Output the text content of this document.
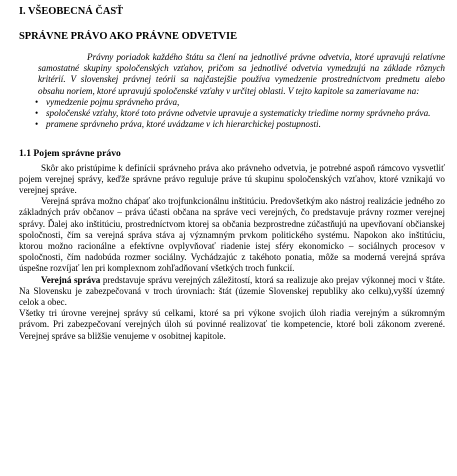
I. VŠEOBECNÁ ČASŤ
SPRÁVNE PRÁVO AKO PRÁVNE ODVETVIE

Právny poriadok každého štátu sa člení na jednotlivé právne odvetvia, ktoré upravujú relatívne samostatné skupiny spoločenských vzťahov, pričom sa jednotlivé odvetvia vymedzujú na základe rôznych kritérií. V slovenskej právnej teórii sa najčastejšie používa vymedzenie prostredníctvom predmetu alebo obsahu noriem, ktoré upravujú spoločenské vzťahy v určitej oblasti. V tejto kapitole sa zameriavame na:

• vymedzenie pojmu správneho práva,
• spoločenské vzťahy, ktoré toto právne odvetvie upravuje a systematicky triedime normy správneho práva.
• pramene správneho práva, ktoré uvádzame v ich hierarchickej postupnosti.
1.1 Pojem správne právo

Skôr ako pristúpime k definícii správneho práva ako právneho odvetvia, je potrebné aspoň rámcovo vysvetliť pojem verejnej správy, keďže správne právo reguluje práve tú skupinu spoločenských vzťahov, ktoré vznikajú vo verejnej správe.

Verejná správa možno chápať ako trojfunkcionálnu inštitúciu. Predovšetkým ako nástroj realizácie jedného zo základných práv občanov – práva účasti občana na správe veci verejných, čo predstavuje právny rozmer verejnej správy. Ďalej ako inštitúciu, prostredníctvom ktorej sa občania bezprostredne zúčastňujú na upevňovaní občianskej spoločnosti, čím sa verejná správa stáva aj významným prvkom politického systému. Napokon ako inštitúciu, ktorou možno racionálne a efektívne ovplyvňovať riadenie istej sféry ekonomicko – sociálnych procesov v spoločnosti, čím nadobúda rozmer sociálny. Vychádzajúc z takéhoto ponatia, môže sa moderná verejná správa úspešne rozvíjať len pri komplexnom zohľadňovaní všetkých troch funkcií.

Verejná správa predstavuje správu verejných záležitostí, ktorá sa realizuje ako prejav výkonnej moci v štáte. Na Slovensku je zabezpečovaná v troch úrovniach: štát (územie Slovenskej republiky ako celku),vyšší územný celok a obec.

Všetky tri úrovne verejnej správy sú celkami, ktoré sa pri výkone svojich úloh riadia verejným a súkromným právom. Pri zabezpečovaní verejných úloh sú povinné realizovať tie kompetencie, ktoré boli zákonom zverené. Verejnej správe sa bližšie venujeme v osobitnej kapitole.
